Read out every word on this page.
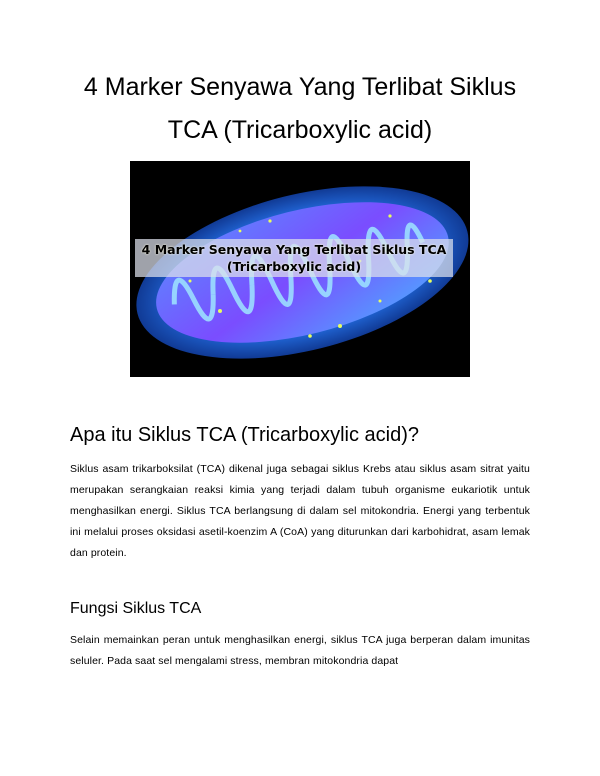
4 Marker Senyawa Yang Terlibat Siklus
TCA (Tricarboxylic acid)
4 Marker Senyawa Yang Terlibat Siklus TCA
(Tricarboxylic acid)
Apa itu Siklus TCA (Tricarboxylic acid)?

Siklus asam trikarboksilat (TCA) dikenal juga sebagai siklus Krebs atau siklus asam sitrat yaitu merupakan serangkaian reaksi kimia yang terjadi dalam tubuh organisme eukariotik untuk menghasilkan energi. Siklus TCA berlangsung di dalam sel mitokondria. Energi yang terbentuk ini melalui proses oksidasi asetil-koenzim A (CoA) yang diturunkan dari karbohidrat, asam lemak dan protein.

Fungsi Siklus TCA

Selain memainkan peran untuk menghasilkan energi, siklus TCA juga berperan dalam imunitas seluler. Pada saat sel mengalami stress, membran mitokondria dapat
